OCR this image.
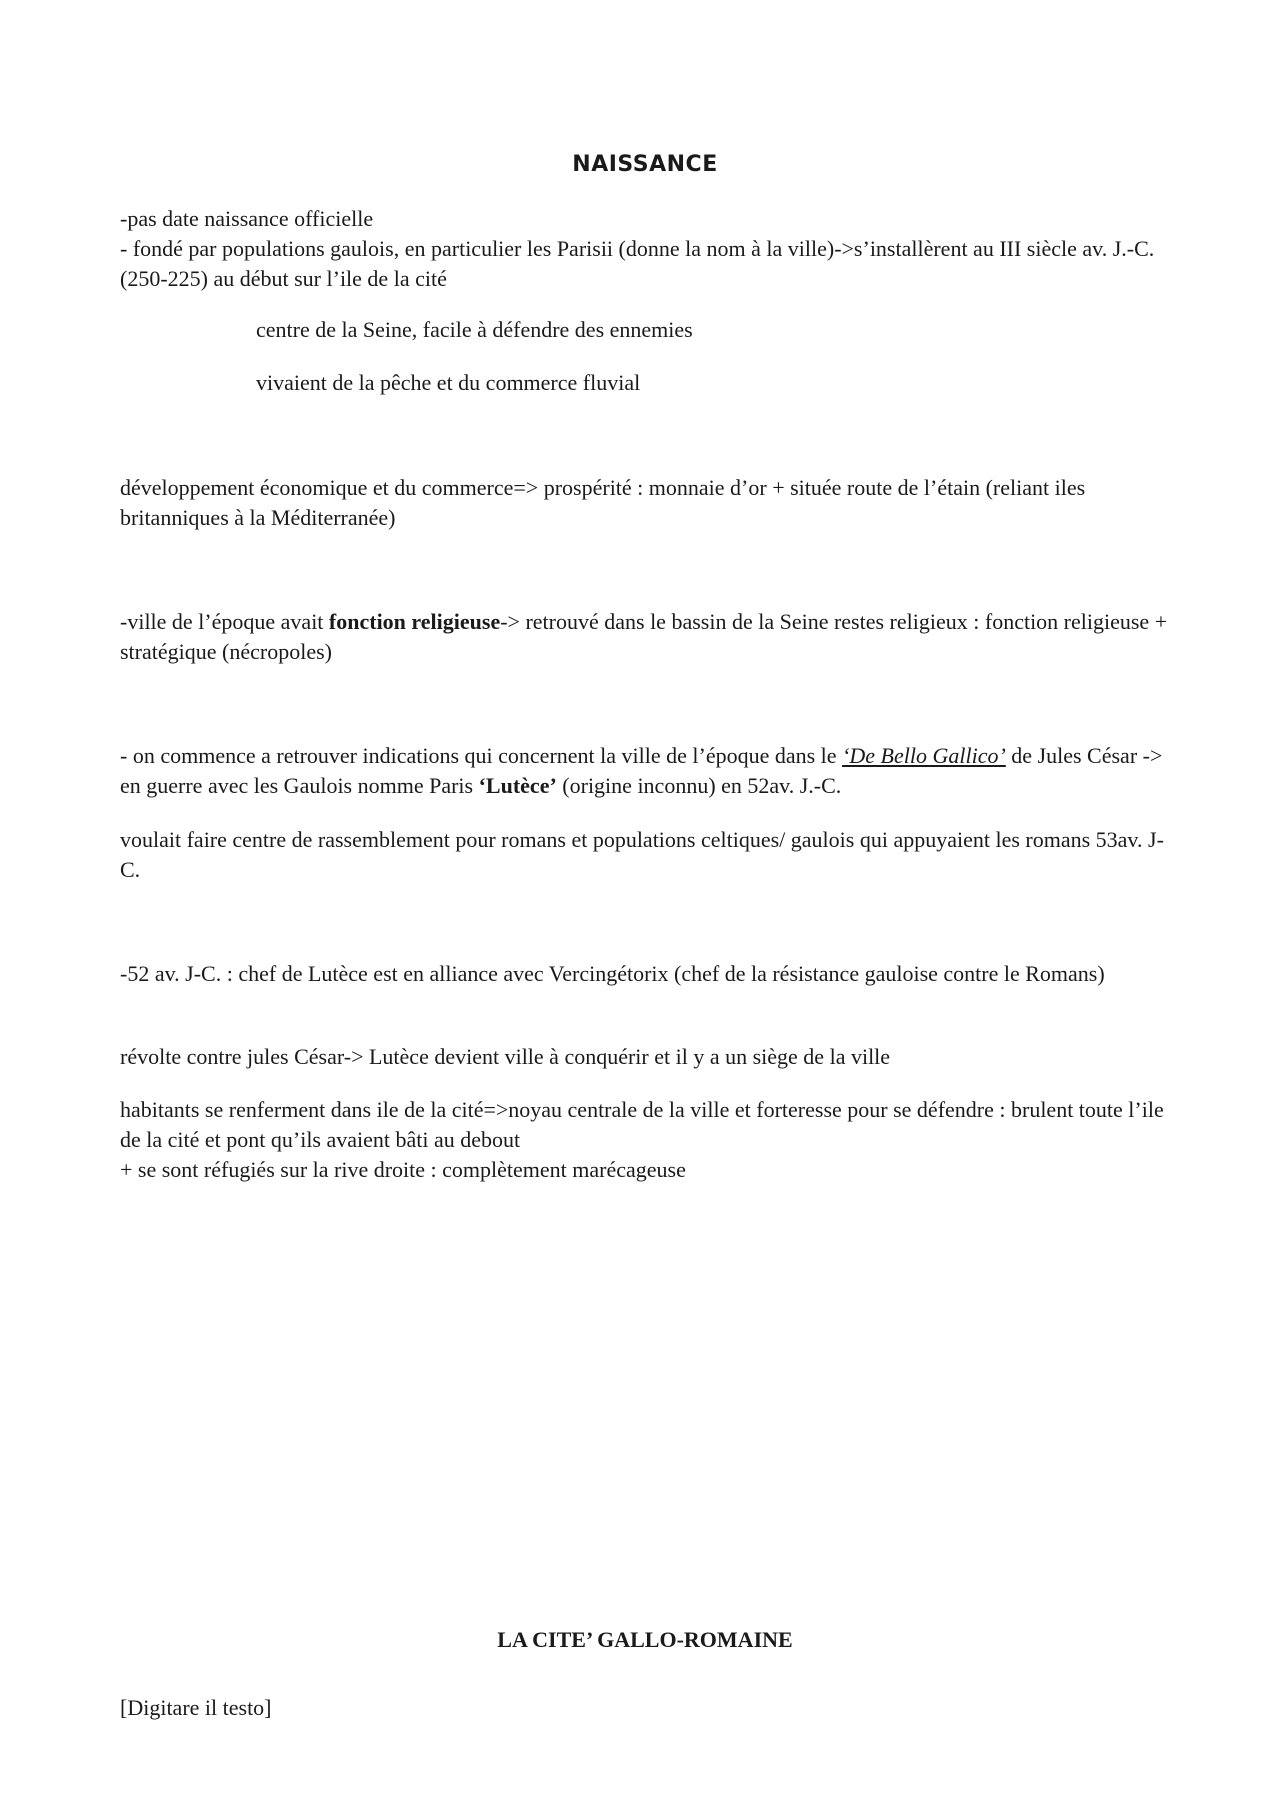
NAISSANCE
-pas date naissance officielle
- fondé par populations gaulois, en particulier les Parisii (donne la nom à la ville)->s’installèrent au III siècle av. J.-C. (250-225) au début sur l’ile de la cité
centre de la Seine, facile à défendre des ennemies
vivaient de la pêche et du commerce fluvial
développement économique et du commerce=> prospérité : monnaie d’or + située route de l’étain (reliant iles britanniques à la Méditerranée)
-ville de l’époque avait fonction religieuse-> retrouvé dans le bassin de la Seine restes religieux : fonction religieuse + stratégique (nécropoles)
- on commence a retrouver indications qui concernent la ville de l’époque dans le ‘De Bello Gallico’ de Jules César -> en guerre avec les Gaulois nomme Paris ‘Lutèce’ (origine inconnu) en 52av. J.-C.
voulait faire centre de rassemblement pour romans et populations celtiques/ gaulois qui appuyaient les romans 53av. J-C.
-52 av. J-C. : chef de Lutèce est en alliance avec Vercingétorix (chef de la résistance gauloise contre le Romans)
révolte contre jules César-> Lutèce devient ville à conquérir et il y a un siège de la ville
habitants se renferment dans ile de la cité=>noyau centrale de la ville et forteresse pour se défendre : brulent toute l’ile de la cité et pont qu’ils avaient bâti au debout
+ se sont réfugiés sur la rive droite : complètement marécageuse
LA CITE’ GALLO-ROMAINE
[Digitare il testo]
